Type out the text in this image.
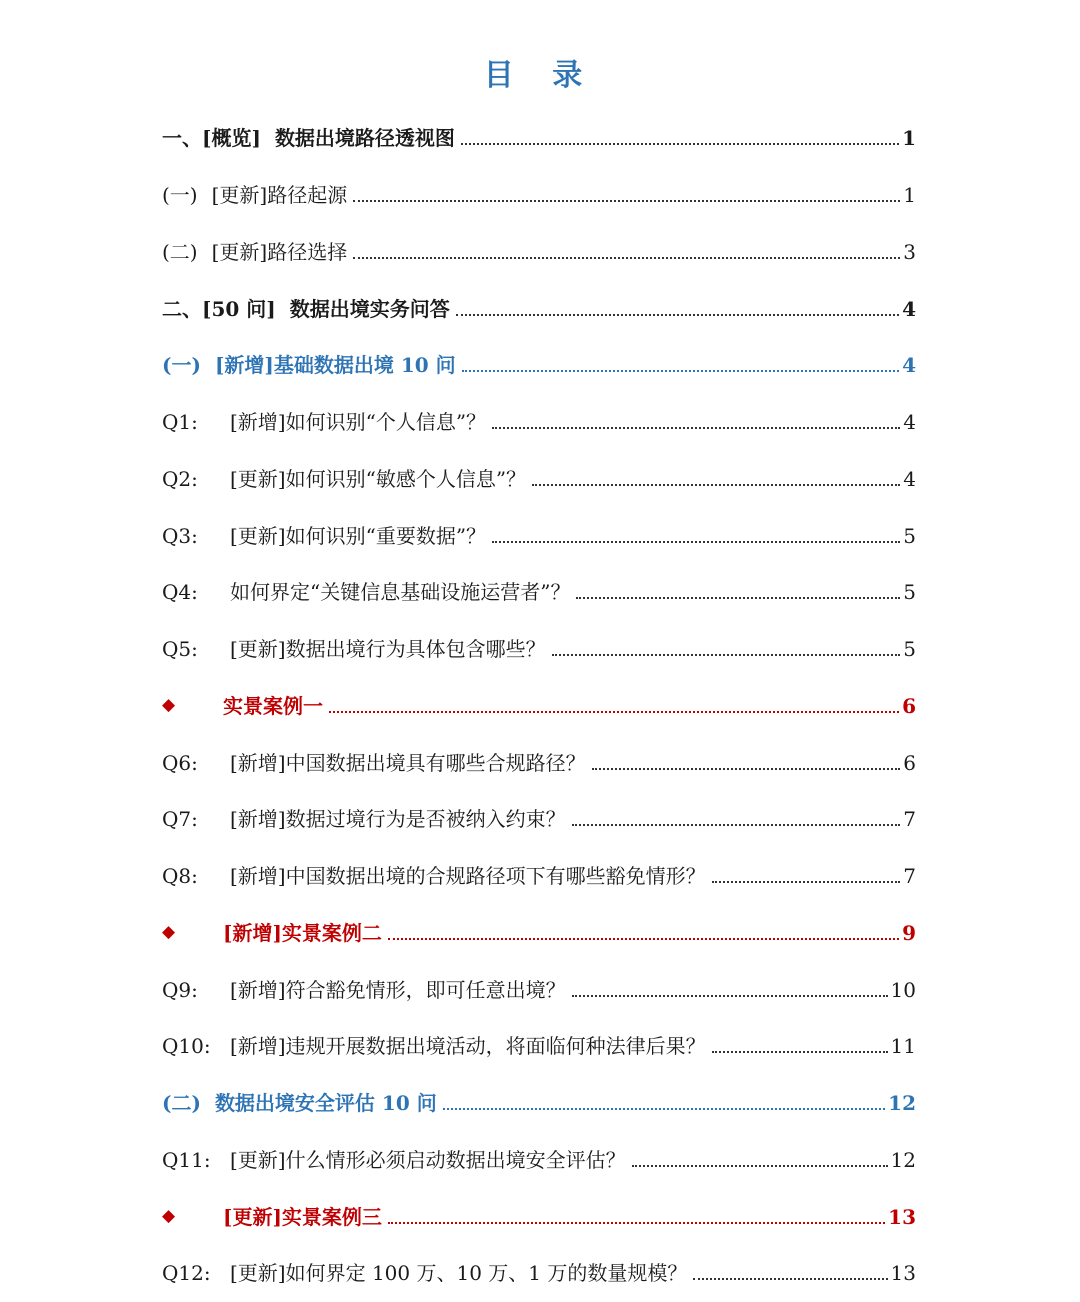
目 录
一、[概览] 数据出境路径透视图	1
(一) [更新]路径起源	1
(二) [更新]路径选择	3
二、[50 问] 数据出境实务问答	4
(一) [新增]基础数据出境 10 问	4
Q1:	[新增]如何识别“个人信息”？	4
Q2:	[更新]如何识别“敏感个人信息”？	4
Q3:	[更新]如何识别“重要数据”？	5
Q4:	如何界定“关键信息基础设施运营者”？	5
Q5:	[更新]数据出境行为具体包含哪些？	5
◆	实景案例一	6
Q6:	[新增]中国数据出境具有哪些合规路径？	6
Q7:	[新增]数据过境行为是否被纳入约束？	7
Q8:	[新增]中国数据出境的合规路径项下有哪些豁免情形？	7
◆	[新增]实景案例二	9
Q9:	[新增]符合豁免情形，即可任意出境？	10
Q10: [新增]违规开展数据出境活动，将面临何种法律后果？	11
(二) 数据出境安全评估 10 问	12
Q11: [更新]什么情形必须启动数据出境安全评估？	12
◆	[更新]实景案例三	13
Q12: [更新]如何界定 100 万、10 万、1 万的数量规模？	13
